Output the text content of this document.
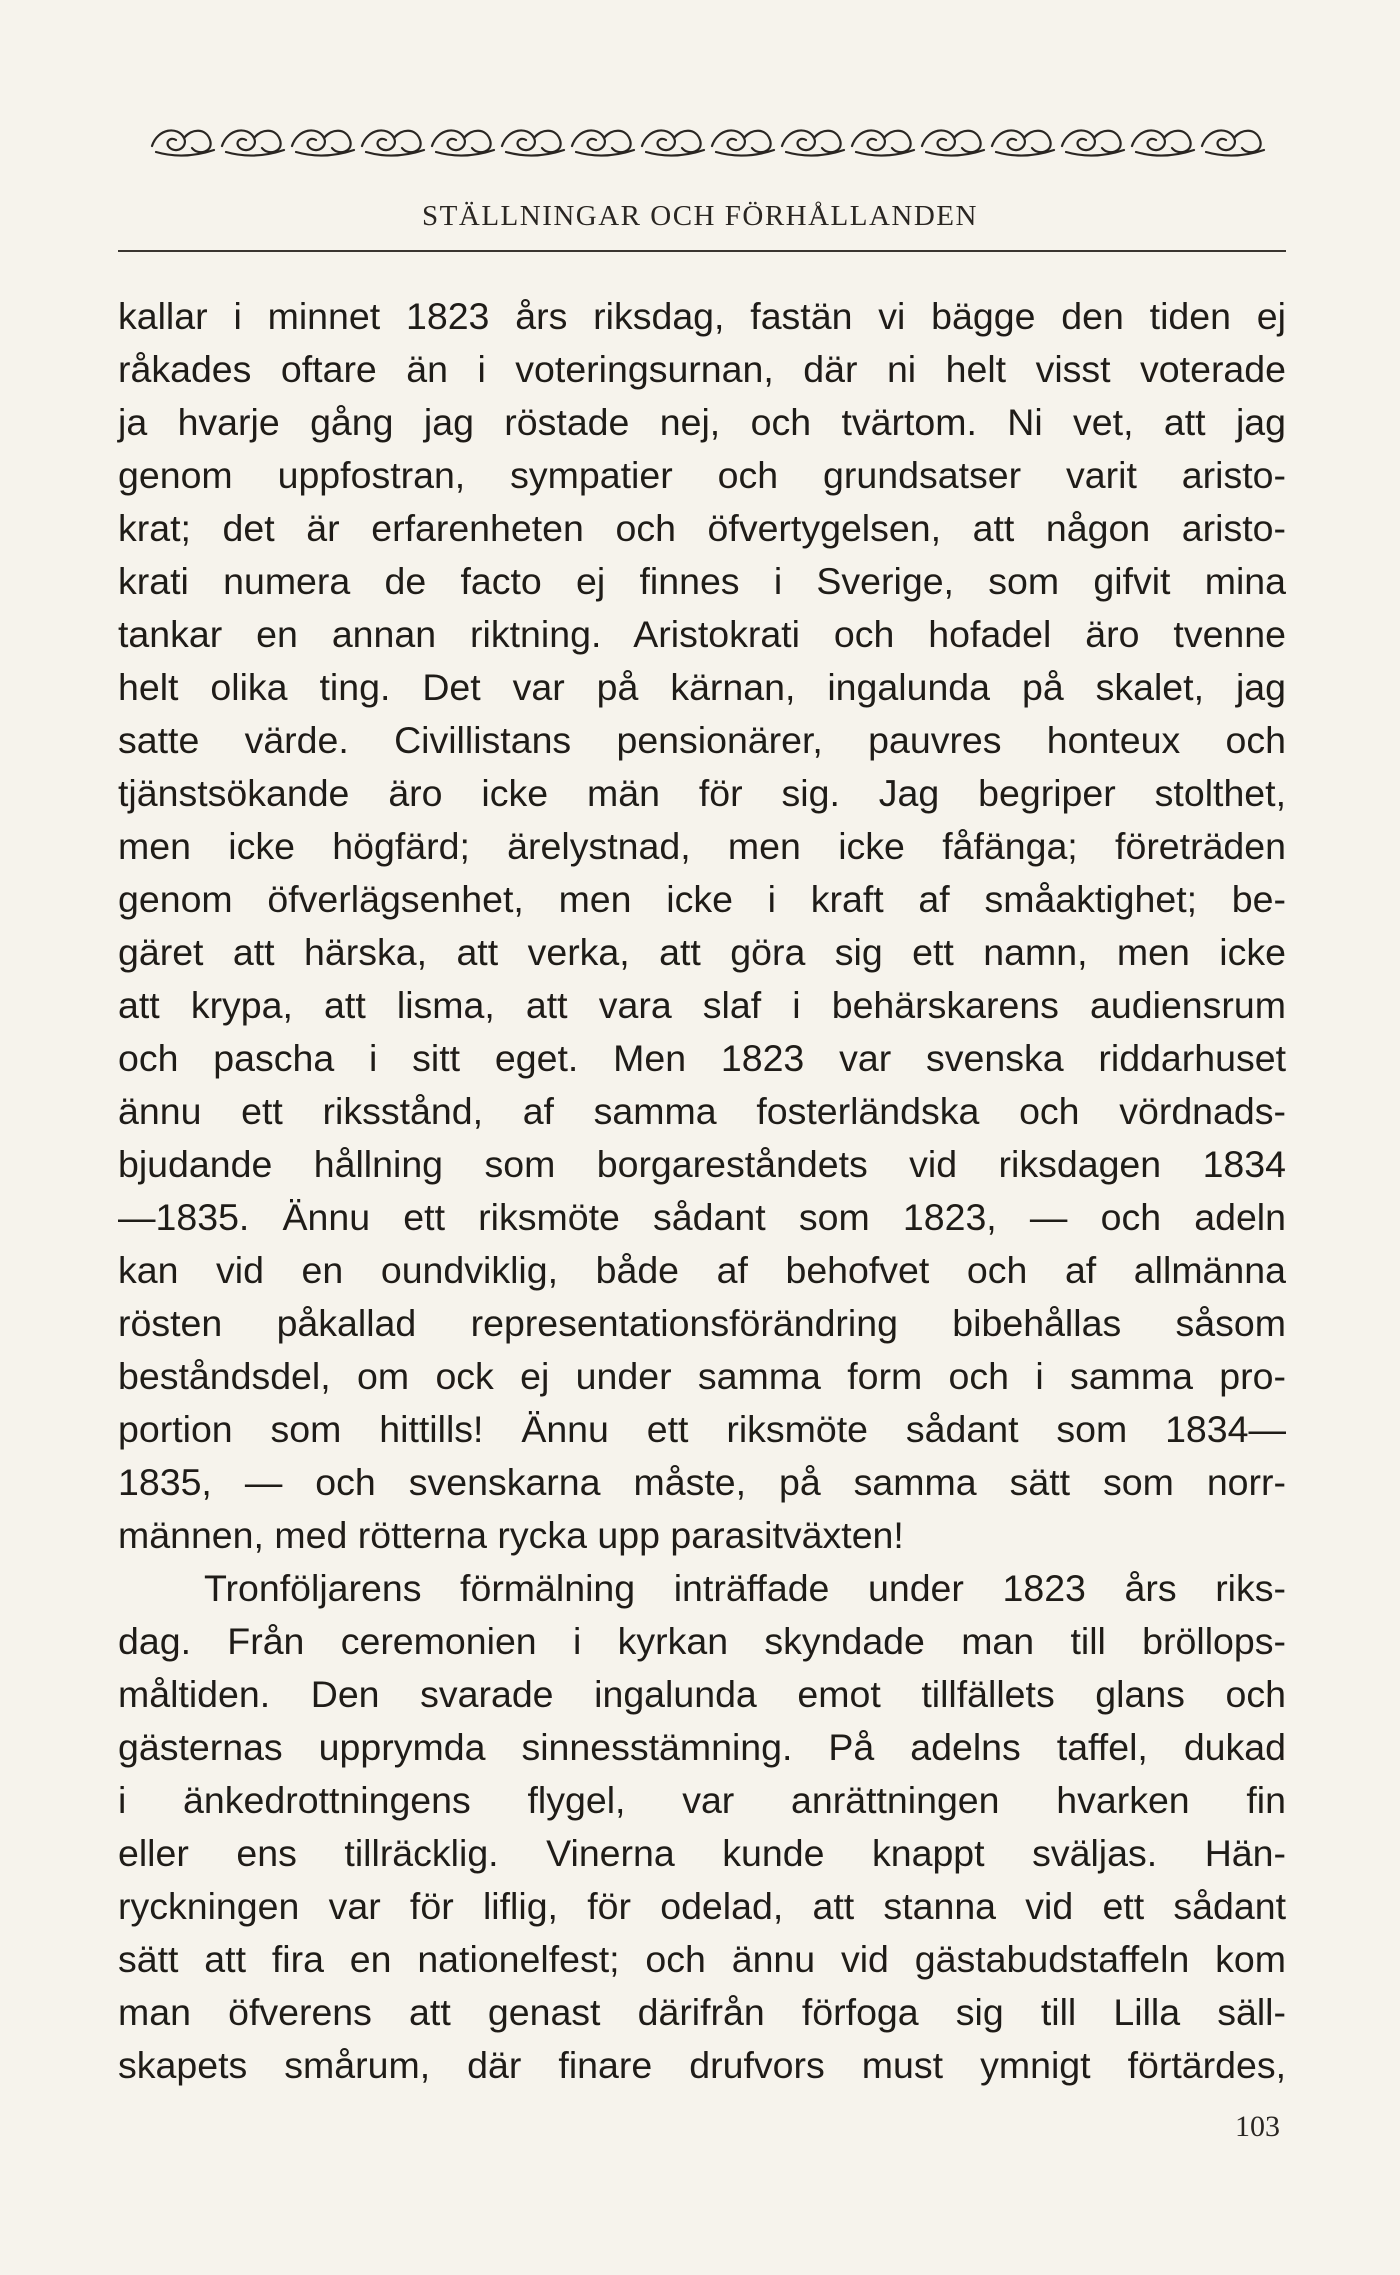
STÄLLNINGAR OCH FÖRHÅLLANDEN
kallar i minnet 1823 års riksdag, fastän vi bägge den tiden ej
råkades oftare än i voteringsurnan, där ni helt visst voterade
ja hvarje gång jag röstade nej, och tvärtom. Ni vet, att jag
genom uppfostran, sympatier och grundsatser varit aristo-
krat; det är erfarenheten och öfvertygelsen, att någon aristo-
krati numera de facto ej finnes i Sverige, som gifvit mina
tankar en annan riktning. Aristokrati och hofadel äro tvenne
helt olika ting. Det var på kärnan, ingalunda på skalet, jag
satte värde. Civillistans pensionärer, pauvres honteux och
tjänstsökande äro icke män för sig. Jag begriper stolthet,
men icke högfärd; ärelystnad, men icke fåfänga; företräden
genom öfverlägsenhet, men icke i kraft af småaktighet; be-
gäret att härska, att verka, att göra sig ett namn, men icke
att krypa, att lisma, att vara slaf i behärskarens audiensrum
och pascha i sitt eget. Men 1823 var svenska riddarhuset
ännu ett riksstånd, af samma fosterländska och vördnads-
bjudande hållning som borgareståndets vid riksdagen 1834
—1835. Ännu ett riksmöte sådant som 1823, — och adeln
kan vid en oundviklig, både af behofvet och af allmänna
rösten påkallad representationsförändring bibehållas såsom
beståndsdel, om ock ej under samma form och i samma pro-
portion som hittills! Ännu ett riksmöte sådant som 1834—
1835, — och svenskarna måste, på samma sätt som norr-
männen, med rötterna rycka upp parasitväxten!
Tronföljarens förmälning inträffade under 1823 års riks-
dag. Från ceremonien i kyrkan skyndade man till bröllops-
måltiden. Den svarade ingalunda emot tillfällets glans och
gästernas upprymda sinnesstämning. På adelns taffel, dukad
i änkedrottningens flygel, var anrättningen hvarken fin
eller ens tillräcklig. Vinerna kunde knappt sväljas. Hän-
ryckningen var för liflig, för odelad, att stanna vid ett sådant
sätt att fira en nationelfest; och ännu vid gästabudstaffeln kom
man öfverens att genast därifrån förfoga sig till Lilla säll-
skapets smårum, där finare drufvors must ymnigt förtärdes,
103
